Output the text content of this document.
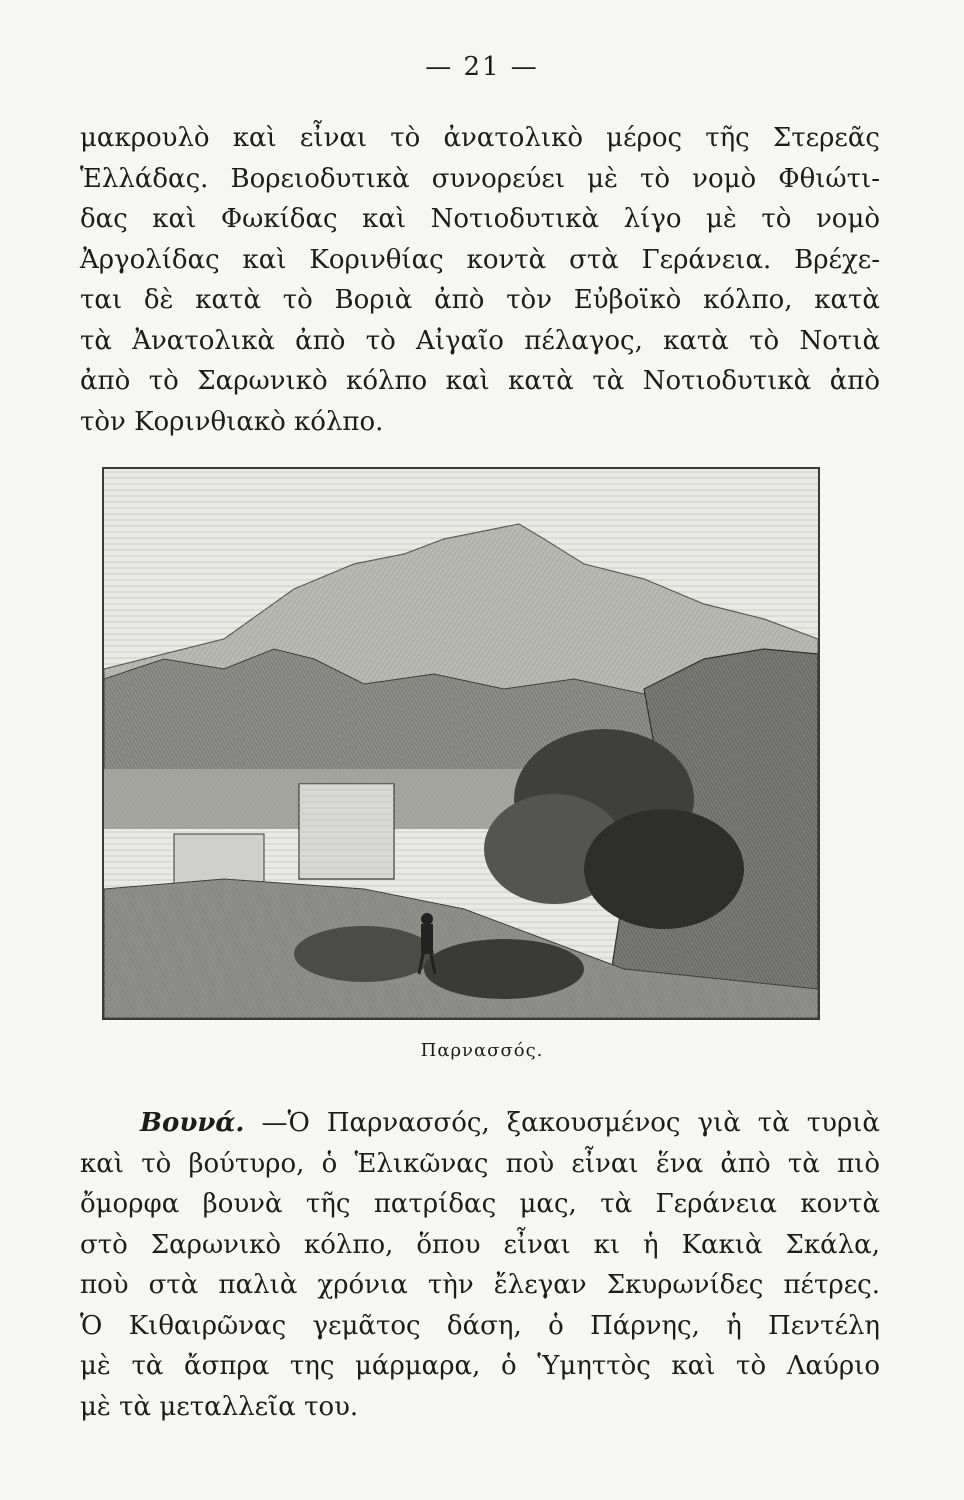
— 21 —
μακρουλὸ καὶ εἶναι τὸ ἀνατολικὸ μέρος τῆς Στερεᾶς
Ἑλλάδας. Βορειοδυτικὰ συνορεύει μὲ τὸ νομὸ Φθιώτι-
δας καὶ Φωκίδας καὶ Νοτιοδυτικὰ λίγο μὲ τὸ νομὸ
Ἀργολίδας καὶ Κορινθίας κοντὰ στὰ Γεράνεια. Βρέχε-
ται δὲ κατὰ τὸ Βοριὰ ἀπὸ τὸν Εὐβοϊκὸ κόλπο, κατὰ
τὰ Ἀνατολικὰ ἀπὸ τὸ Αἰγαῖο πέλαγος, κατὰ τὸ Νοτιὰ
ἀπὸ τὸ Σαρωνικὸ κόλπο καὶ κατὰ τὰ Νοτιοδυτικὰ ἀπὸ
τὸν Κορινθιακὸ κόλπο.
Παρνασσός.
Βουνά. —Ὁ Παρνασσός, ξακουσμένος γιὰ τὰ τυριὰ
καὶ τὸ βούτυρο, ὁ Ἑλικῶνας ποὺ εἶναι ἕνα ἀπὸ τὰ πιὸ
ὄμορφα βουνὰ τῆς πατρίδας μας, τὰ Γεράνεια κοντὰ
στὸ Σαρωνικὸ κόλπο, ὅπου εἶναι κι ἡ Κακιὰ Σκάλα,
ποὺ στὰ παλιὰ χρόνια τὴν ἔλεγαν Σκυρωνίδες πέτρες.
Ὁ Κιθαιρῶνας γεμᾶτος δάση, ὁ Πάρνης, ἡ Πεντέλη
μὲ τὰ ἄσπρα της μάρμαρα, ὁ Ὑμηττὸς καὶ τὸ Λαύριο
μὲ τὰ μεταλλεῖα του.
